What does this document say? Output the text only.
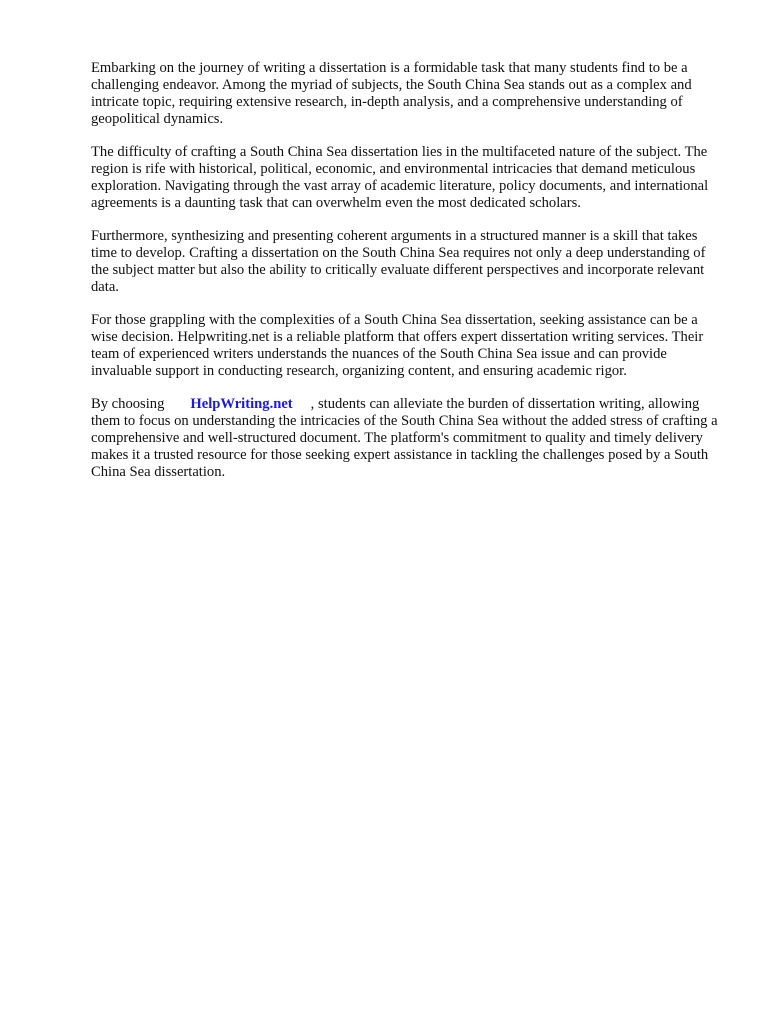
Embarking on the journey of writing a dissertation is a formidable task that many students find to be a challenging endeavor. Among the myriad of subjects, the South China Sea stands out as a complex and intricate topic, requiring extensive research, in-depth analysis, and a comprehensive understanding of geopolitical dynamics.

The difficulty of crafting a South China Sea dissertation lies in the multifaceted nature of the subject. The region is rife with historical, political, economic, and environmental intricacies that demand meticulous exploration. Navigating through the vast array of academic literature, policy documents, and international agreements is a daunting task that can overwhelm even the most dedicated scholars.

Furthermore, synthesizing and presenting coherent arguments in a structured manner is a skill that takes time to develop. Crafting a dissertation on the South China Sea requires not only a deep understanding of the subject matter but also the ability to critically evaluate different perspectives and incorporate relevant data.

For those grappling with the complexities of a South China Sea dissertation, seeking assistance can be a wise decision. Helpwriting.net is a reliable platform that offers expert dissertation writing services. Their team of experienced writers understands the nuances of the South China Sea issue and can provide invaluable support in conducting research, organizing content, and ensuring academic rigor.

By choosing HelpWriting.net , students can alleviate the burden of dissertation writing, allowing them to focus on understanding the intricacies of the South China Sea without the added stress of crafting a comprehensive and well-structured document. The platform's commitment to quality and timely delivery makes it a trusted resource for those seeking expert assistance in tackling the challenges posed by a South China Sea dissertation.
